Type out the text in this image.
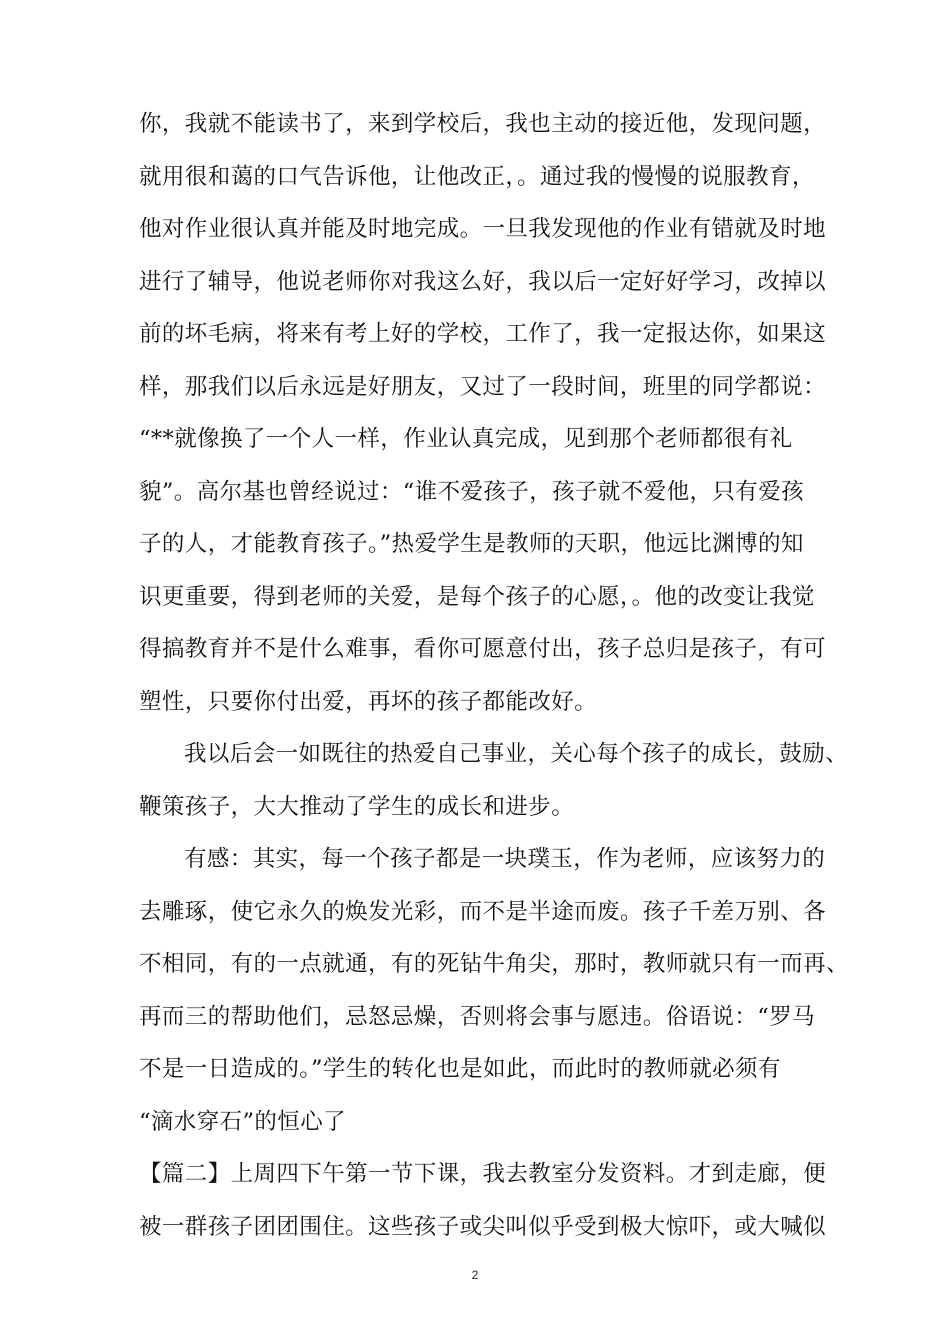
你，我就不能读书了，来到学校后，我也主动的接近他，发现问题，
就用很和蔼的口气告诉他，让他改正，。通过我的慢慢的说服教育，
他对作业很认真并能及时地完成。一旦我发现他的作业有错就及时地
进行了辅导，他说老师你对我这么好，我以后一定好好学习，改掉以
前的坏毛病，将来有考上好的学校，工作了，我一定报达你，如果这
样，那我们以后永远是好朋友，又过了一段时间，班里的同学都说：
“**就像换了一个人一样，作业认真完成，见到那个老师都很有礼
貌”。高尔基也曾经说过：“谁不爱孩子，孩子就不爱他，只有爱孩
子的人，才能教育孩子。”热爱学生是教师的天职，他远比渊博的知
识更重要，得到老师的关爱，是每个孩子的心愿，。他的改变让我觉
得搞教育并不是什么难事，看你可愿意付出，孩子总归是孩子，有可
塑性，只要你付出爱，再坏的孩子都能改好。
我以后会一如既往的热爱自己事业，关心每个孩子的成长，鼓励、
鞭策孩子，大大推动了学生的成长和进步。
有感：其实，每一个孩子都是一块璞玉，作为老师，应该努力的
去雕琢，使它永久的焕发光彩，而不是半途而废。孩子千差万别、各
不相同，有的一点就通，有的死钻牛角尖，那时，教师就只有一而再、
再而三的帮助他们，忌怒忌燥，否则将会事与愿违。俗语说：“罗马
不是一日造成的。”学生的转化也是如此，而此时的教师就必须有
“滴水穿石”的恒心了
【篇二】上周四下午第一节下课，我去教室分发资料。才到走廊，便
被一群孩子团团围住。这些孩子或尖叫似乎受到极大惊吓，或大喊似
2
